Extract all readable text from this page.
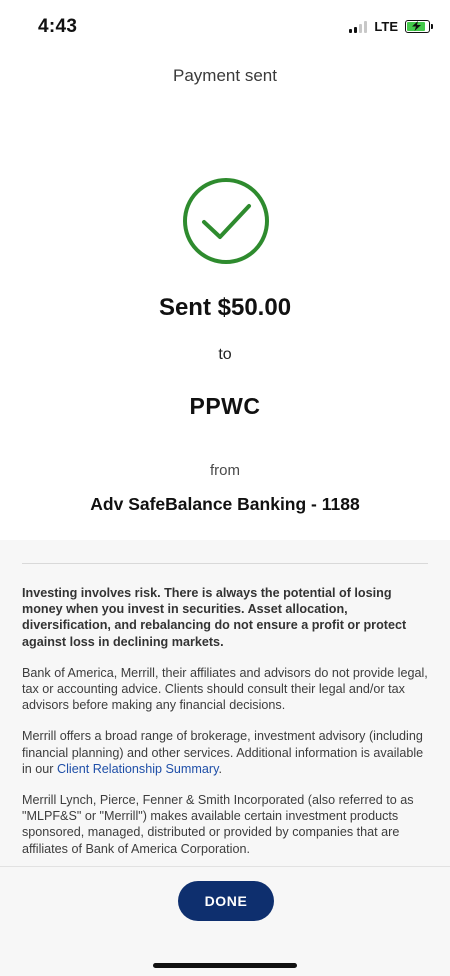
4:43	LTE
Payment sent
Sent $50.00
to
PPWC
from
Adv SafeBalance Banking - 1188

Investing involves risk. There is always the potential of losing money when you invest in securities. Asset allocation, diversification, and rebalancing do not ensure a profit or protect against loss in declining markets.

Bank of America, Merrill, their affiliates and advisors do not provide legal, tax or accounting advice. Clients should consult their legal and/or tax advisors before making any financial decisions.

Merrill offers a broad range of brokerage, investment advisory (including financial planning) and other services. Additional information is available in our Client Relationship Summary.

Merrill Lynch, Pierce, Fenner & Smith Incorporated (also referred to as "MLPF&S" or "Merrill") makes available certain investment products sponsored, managed, distributed or provided by companies that are affiliates of Bank of America Corporation.

DONE
